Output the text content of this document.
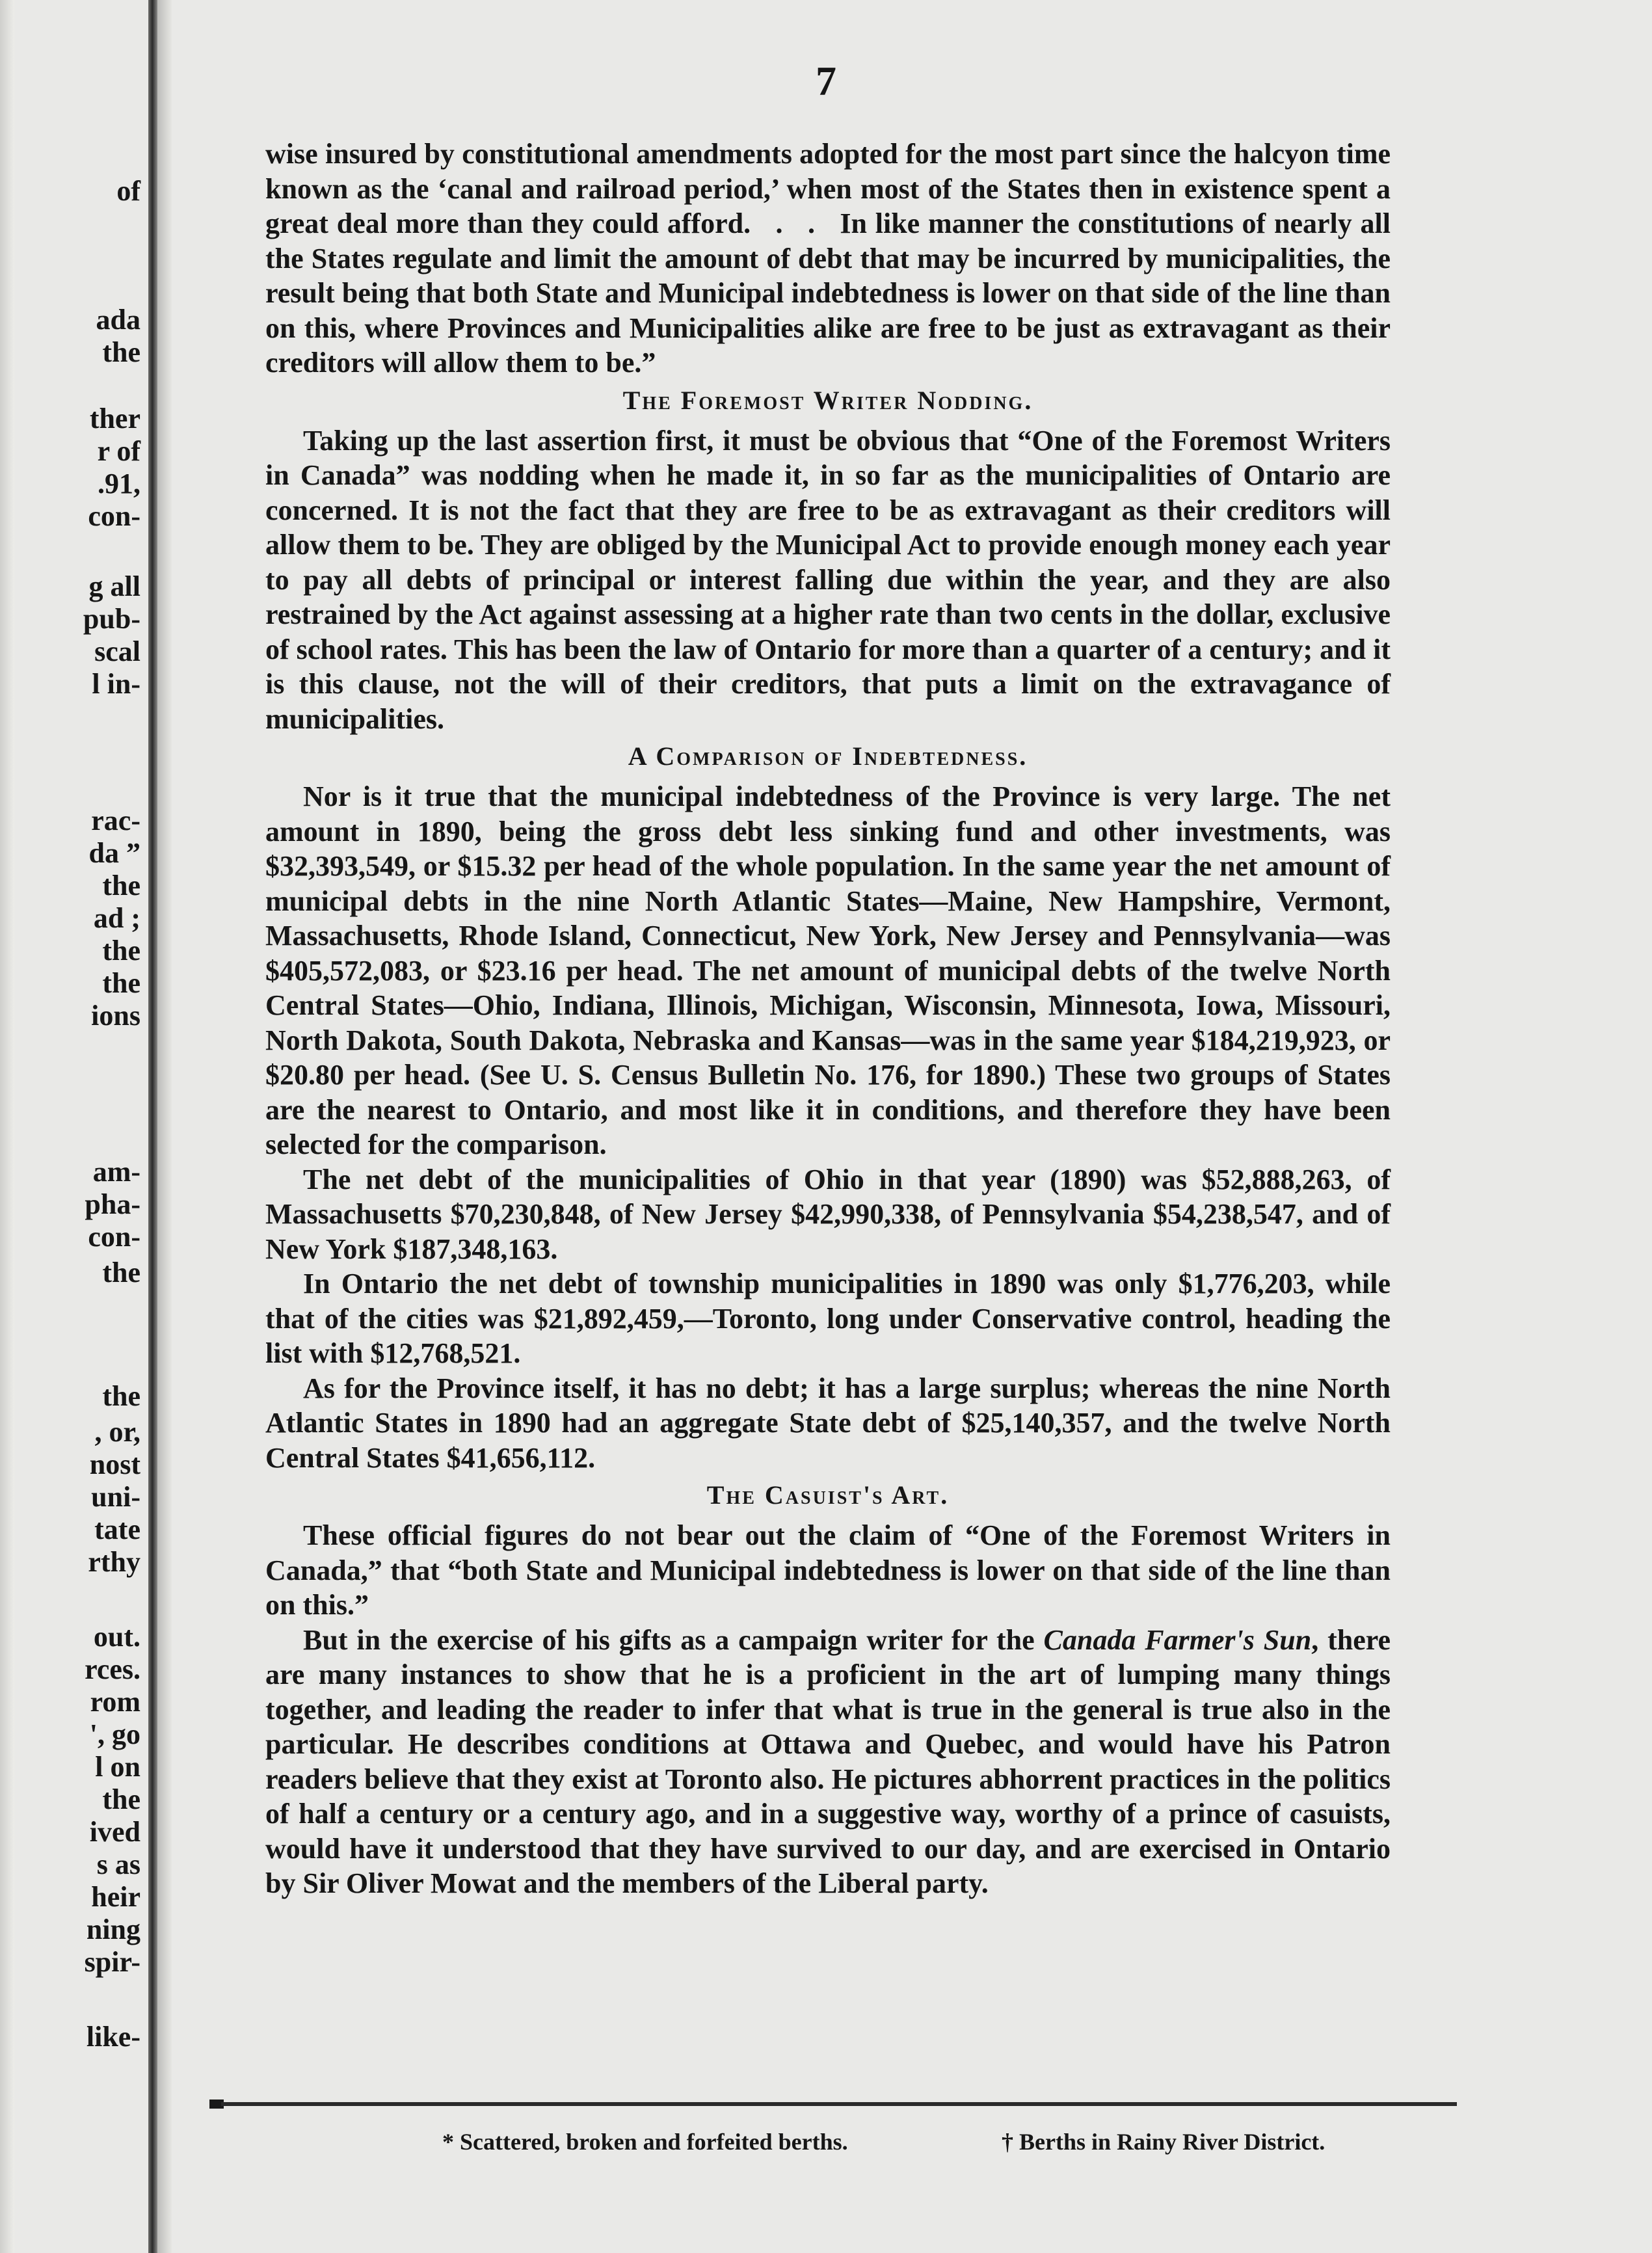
of
ada
the
ther
r of
.91,
con-
g all
pub-
scal
l in-
rac-
da ”
the
ad ;
the
the
ions
am-
pha-
con-
the
the
, or,
nost
uni-
tate
rthy
out.
rces.
rom
', go
l on
the
ived
s as
heir
ning
spir-
like-
7

wise insured by constitutional amendments adopted for the most part since the halcyon time known as the ‘canal and railroad period,’ when most of the States then in existence spent a great deal more than they could afford.   .   .   In like manner the constitutions of nearly all the States regulate and limit the amount of debt that may be incurred by municipalities, the result being that both State and Municipal indebtedness is lower on that side of the line than on this, where Provinces and Municipalities alike are free to be just as extravagant as their creditors will allow them to be.”

The Foremost Writer Nodding.

Taking up the last assertion first, it must be obvious that “One of the Foremost Writers in Canada” was nodding when he made it, in so far as the municipalities of Ontario are concerned. It is not the fact that they are free to be as extravagant as their creditors will allow them to be. They are obliged by the Municipal Act to provide enough money each year to pay all debts of principal or interest falling due within the year, and they are also restrained by the Act against assessing at a higher rate than two cents in the dollar, exclusive of school rates. This has been the law of Ontario for more than a quarter of a century; and it is this clause, not the will of their creditors, that puts a limit on the extravagance of municipalities.

A Comparison of Indebtedness.

Nor is it true that the municipal indebtedness of the Province is very large. The net amount in 1890, being the gross debt less sinking fund and other investments, was $32,393,549, or $15.32 per head of the whole population. In the same year the net amount of municipal debts in the nine North Atlantic States—Maine, New Hampshire, Vermont, Massachusetts, Rhode Island, Connecticut, New York, New Jersey and Pennsylvania—was $405,572,083, or $23.16 per head. The net amount of municipal debts of the twelve North Central States—Ohio, Indiana, Illinois, Michigan, Wisconsin, Minnesota, Iowa, Missouri, North Dakota, South Dakota, Nebraska and Kansas—was in the same year $184,219,923, or $20.80 per head. (See U. S. Census Bulletin No. 176, for 1890.) These two groups of States are the nearest to Ontario, and most like it in conditions, and therefore they have been selected for the comparison.

The net debt of the municipalities of Ohio in that year (1890) was $52,888,263, of Massachusetts $70,230,848, of New Jersey $42,990,338, of Pennsylvania $54,238,547, and of New York $187,348,163.

In Ontario the net debt of township municipalities in 1890 was only $1,776,203, while that of the cities was $21,892,459,—Toronto, long under Conservative control, heading the list with $12,768,521.

As for the Province itself, it has no debt; it has a large surplus; whereas the nine North Atlantic States in 1890 had an aggregate State debt of $25,140,357, and the twelve North Central States $41,656,112.

The Casuist's Art.

These official figures do not bear out the claim of “One of the Foremost Writers in Canada,” that “both State and Municipal indebtedness is lower on that side of the line than on this.”

But in the exercise of his gifts as a campaign writer for the Canada Farmer's Sun, there are many instances to show that he is a proficient in the art of lumping many things together, and leading the reader to infer that what is true in the general is true also in the particular. He describes conditions at Ottawa and Quebec, and would have his Patron readers believe that they exist at Toronto also. He pictures abhorrent practices in the politics of half a century or a century ago, and in a suggestive way, worthy of a prince of casuists, would have it understood that they have survived to our day, and are exercised in Ontario by Sir Oliver Mowat and the members of the Liberal party.

* Scattered, broken and forfeited berths.	† Berths in Rainy River District.
